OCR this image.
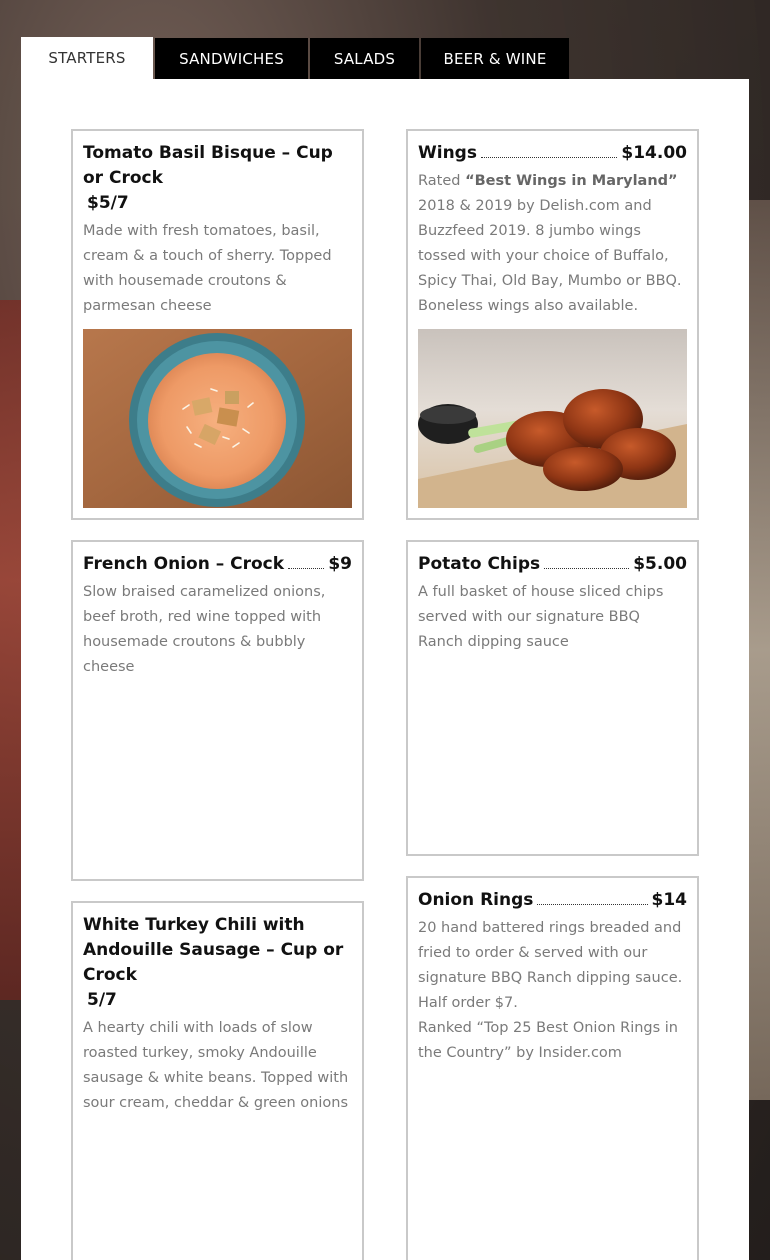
STARTERS	SANDWICHES	SALADS	BEER & WINE
Tomato Basil Bisque – Cup or Crock
$5/7
Made with fresh tomatoes, basil, cream & a touch of sherry. Topped with housemade croutons & parmesan cheese
Wings	$14.00
Rated “Best Wings in Maryland” 2018 & 2019 by Delish.com and Buzzfeed 2019. 8 jumbo wings tossed with your choice of Buffalo, Spicy Thai, Old Bay, Mumbo or BBQ. Boneless wings also available.
French Onion – Crock	$9
Slow braised caramelized onions, beef broth, red wine topped with housemade croutons & bubbly cheese
Potato Chips	$5.00
A full basket of house sliced chips served with our signature BBQ Ranch dipping sauce
White Turkey Chili with Andouille Sausage – Cup or Crock
5/7
A hearty chili with loads of slow roasted turkey, smoky Andouille sausage & white beans. Topped with sour cream, cheddar & green onions
Onion Rings	$14
20 hand battered rings breaded and fried to order & served with our signature BBQ Ranch dipping sauce. Half order $7.
Ranked “Top 25 Best Onion Rings in the Country” by Insider.com
